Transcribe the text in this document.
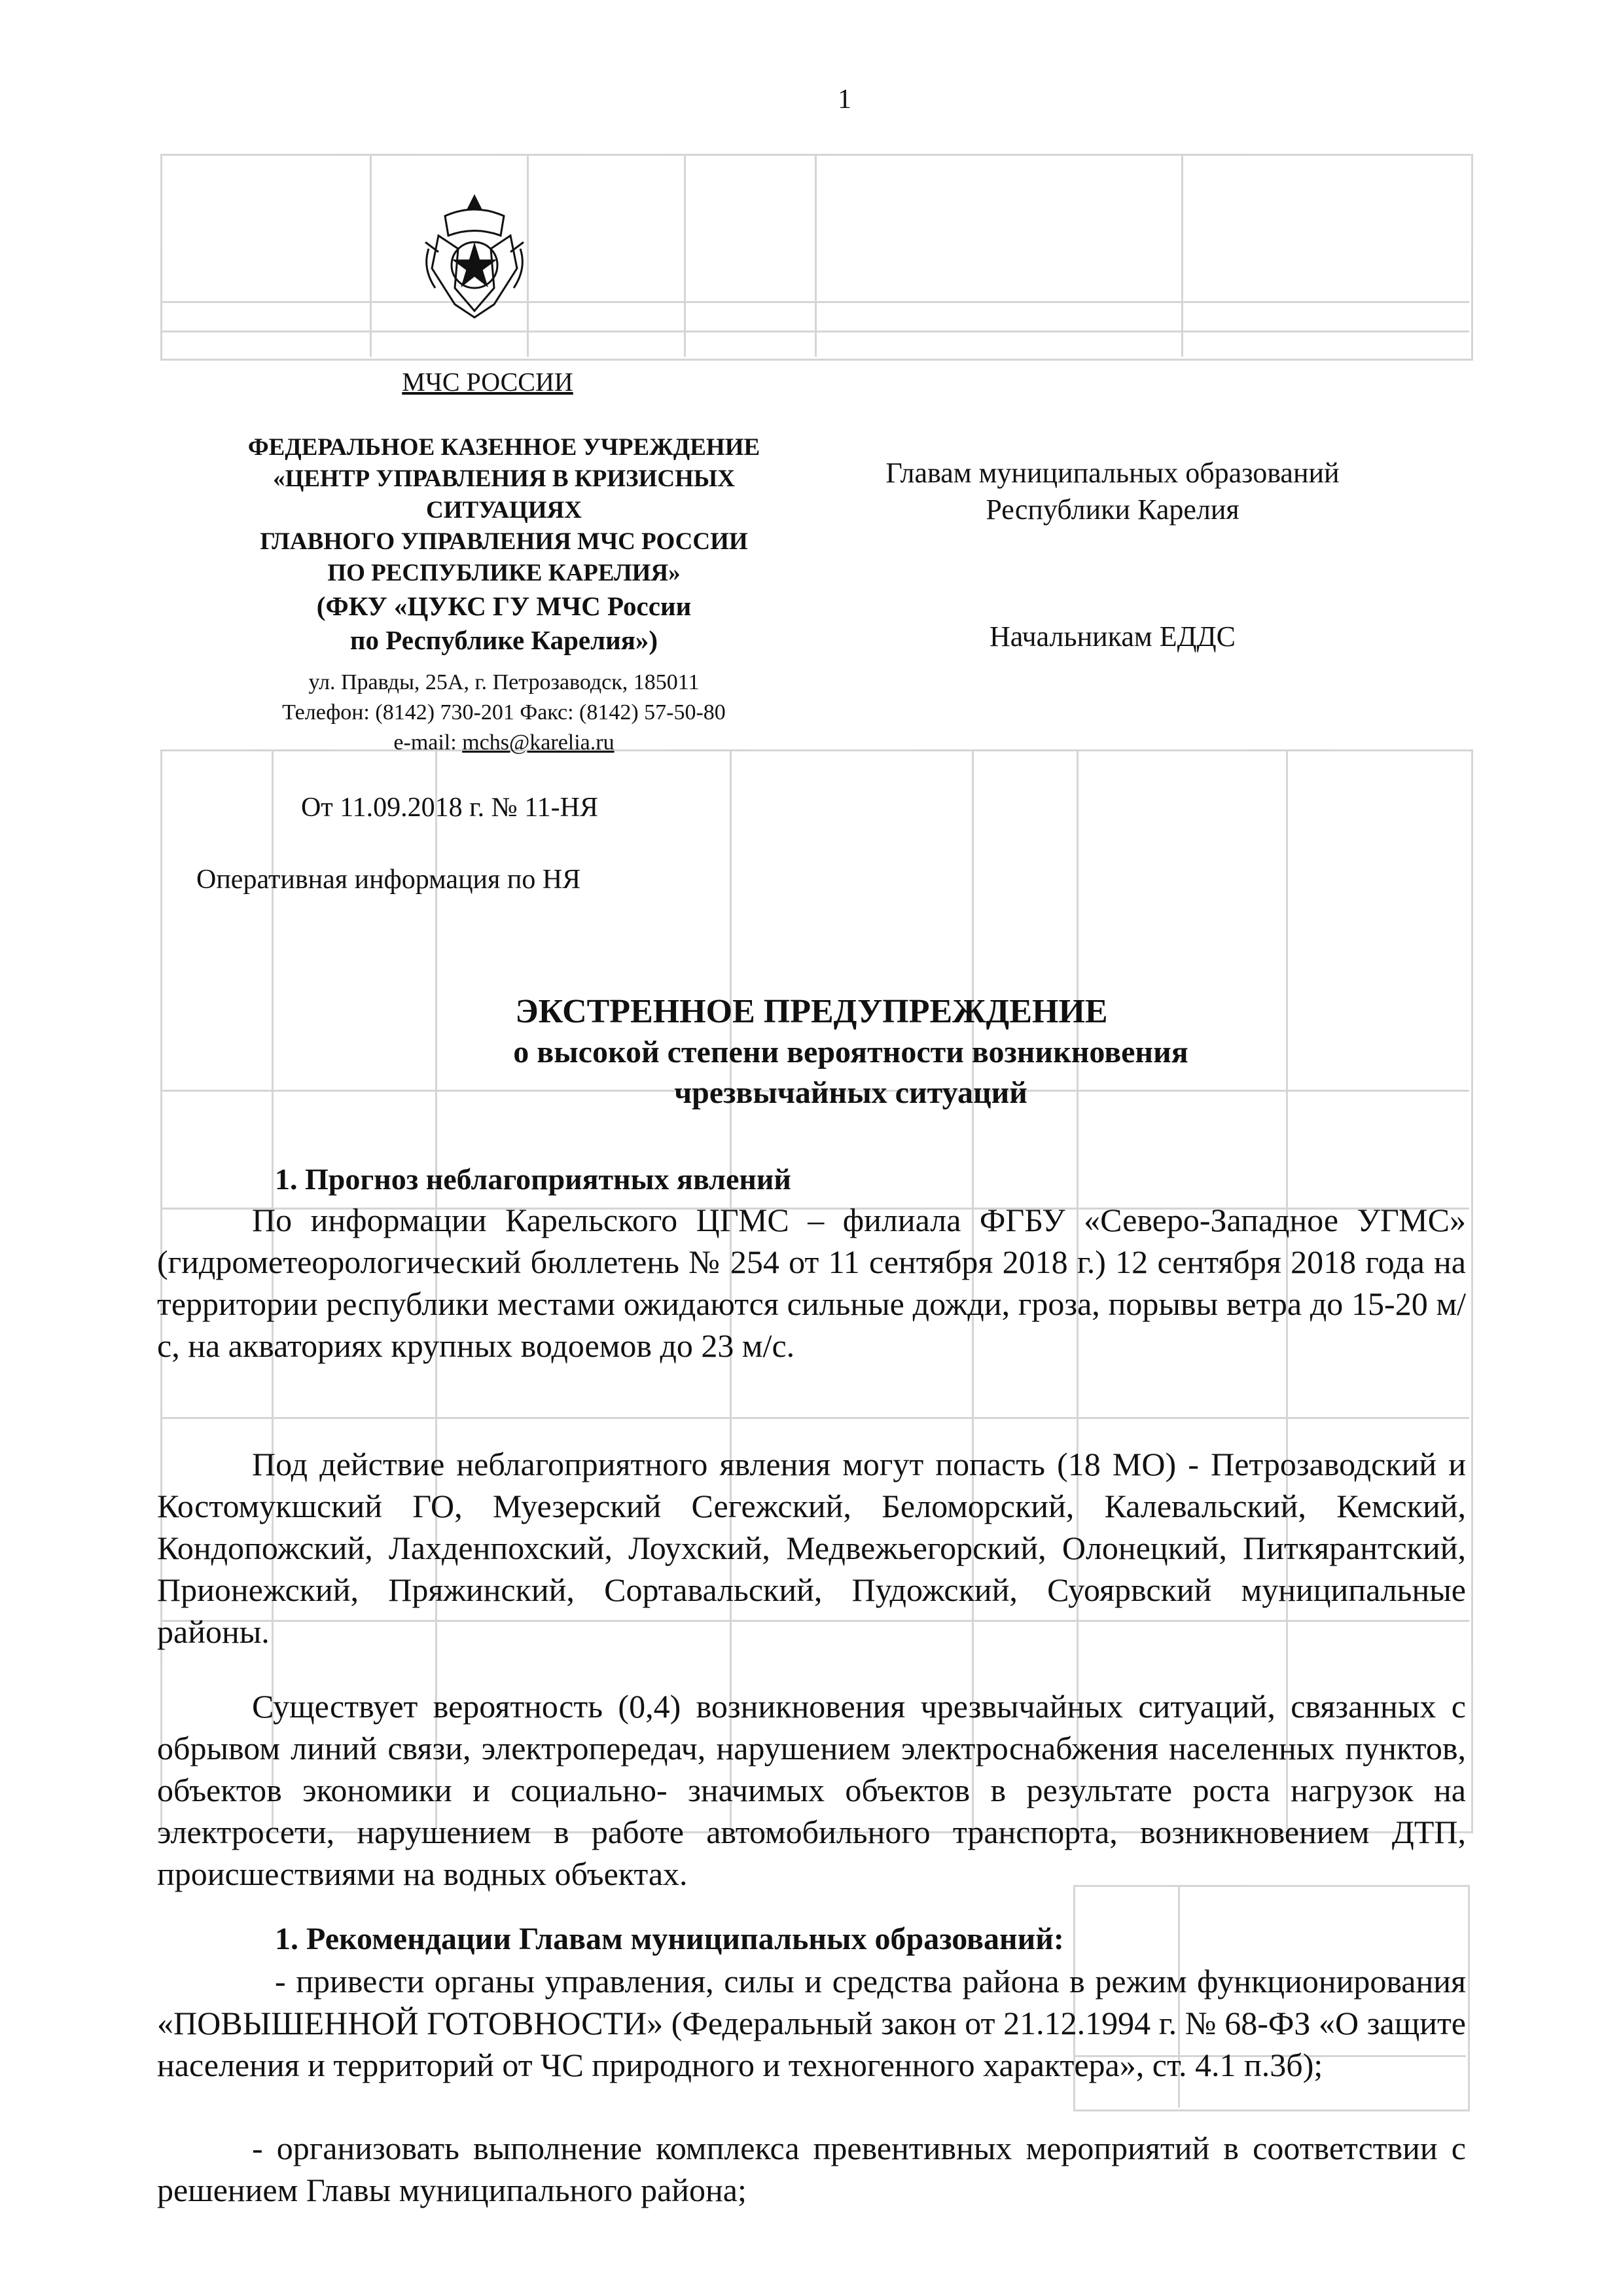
1
МЧС РОССИИ
ФЕДЕРАЛЬНОЕ КАЗЕННОЕ УЧРЕЖДЕНИЕ
«ЦЕНТР УПРАВЛЕНИЯ В КРИЗИСНЫХ
СИТУАЦИЯХ
ГЛАВНОГО УПРАВЛЕНИЯ МЧС РОССИИ
ПО РЕСПУБЛИКЕ КАРЕЛИЯ»
(ФКУ «ЦУКС ГУ МЧС России
по Республике Карелия»)
ул. Правды, 25А, г. Петрозаводск, 185011
Телефон: (8142) 730-201 Факс: (8142) 57-50-80
e-mail: mchs@karelia.ru
Главам муниципальных образований
Республики Карелия
Начальникам ЕДДС
От 11.09.2018 г. № 11-НЯ
Оперативная информация по НЯ
ЭКСТРЕННОЕ ПРЕДУПРЕЖДЕНИЕ
о высокой степени вероятности возникновения
чрезвычайных ситуаций
1. Прогноз неблагоприятных явлений
По информации Карельского ЦГМС – филиала ФГБУ «Северо-Западное УГМС» (гидрометеорологический бюллетень № 254 от 11 сентября 2018 г.) 12 сентября 2018 года на территории республики местами ожидаются сильные дожди, гроза, порывы ветра до 15-20 м/с, на акваториях крупных водоемов до 23 м/с.
Под действие неблагоприятного явления могут попасть (18 МО) - Петрозаводский и Костомукшский ГО, Муезерский Сегежский, Беломорский, Калевальский, Кемский, Кондопожский, Лахденпохский, Лоухский, Медвежьегорский, Олонецкий, Питкярантский, Прионежский, Пряжинский, Сортавальский, Пудожский, Суоярвский муниципальные районы.
Существует вероятность (0,4) возникновения чрезвычайных ситуаций, связанных с обрывом линий связи, электропередач, нарушением электроснабжения населенных пунктов, объектов экономики и социально- значимых объектов в результате роста нагрузок на электросети, нарушением в работе автомобильного транспорта, возникновением ДТП, происшествиями на водных объектах.
1. Рекомендации Главам муниципальных образований:
- привести органы управления, силы и средства района в режим функционирования «ПОВЫШЕННОЙ ГОТОВНОСТИ» (Федеральный закон от 21.12.1994 г. № 68-ФЗ «О защите населения и территорий от ЧС природного и техногенного характера», ст. 4.1 п.3б);
- организовать выполнение комплекса превентивных мероприятий в соответствии с решением Главы муниципального района;
